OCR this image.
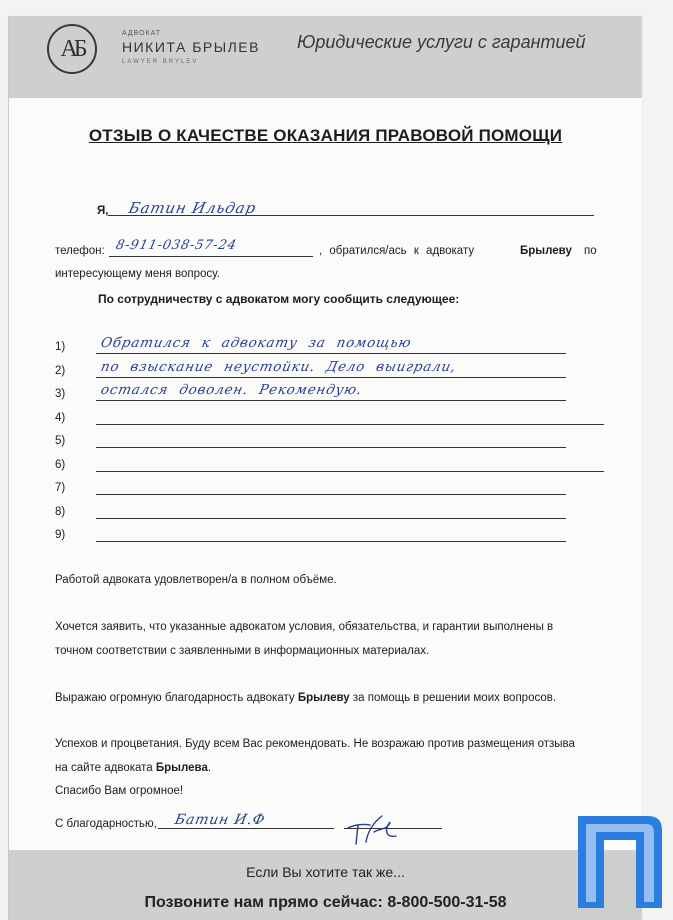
АБ
АДВОКАТ
НИКИТА БРЫЛЕВ
LAWYER BRYLEV
Юридические услуги с гарантией
ОТЗЫВ О КАЧЕСТВЕ ОКАЗАНИЯ ПРАВОВОЙ ПОМОЩИ
Я, Батин Ильдар
телефон: 8-911-038-57-24	, обратился/ась к адвокату	Брылеву по
интересующему меня вопросу.
По сотрудничеству с адвокатом могу сообщить следующее:
1)	Обратился к адвокату за помощью
2)	по взыскание неустойки. Дело выиграли,
3)	остался доволен. Рекомендую.
4)
5)
6)
7)
8)
9)
Работой адвоката удовлетворен/а в полном объёме.
Хочется заявить, что указанные адвокатом условия, обязательства, и гарантии выполнены в
точном соответствии с заявленными в информационных материалах.
Выражаю огромную благодарность адвокату Брылеву за помощь в решении моих вопросов.
Успехов и процветания. Буду всем Вас рекомендовать. Не возражаю против размещения отзыва
на сайте адвоката Брылева.
Спасибо Вам огромное!
С благодарностью, Батин И.Ф
Если Вы хотите так же...
Позвоните нам прямо сейчас: 8-800-500-31-58
